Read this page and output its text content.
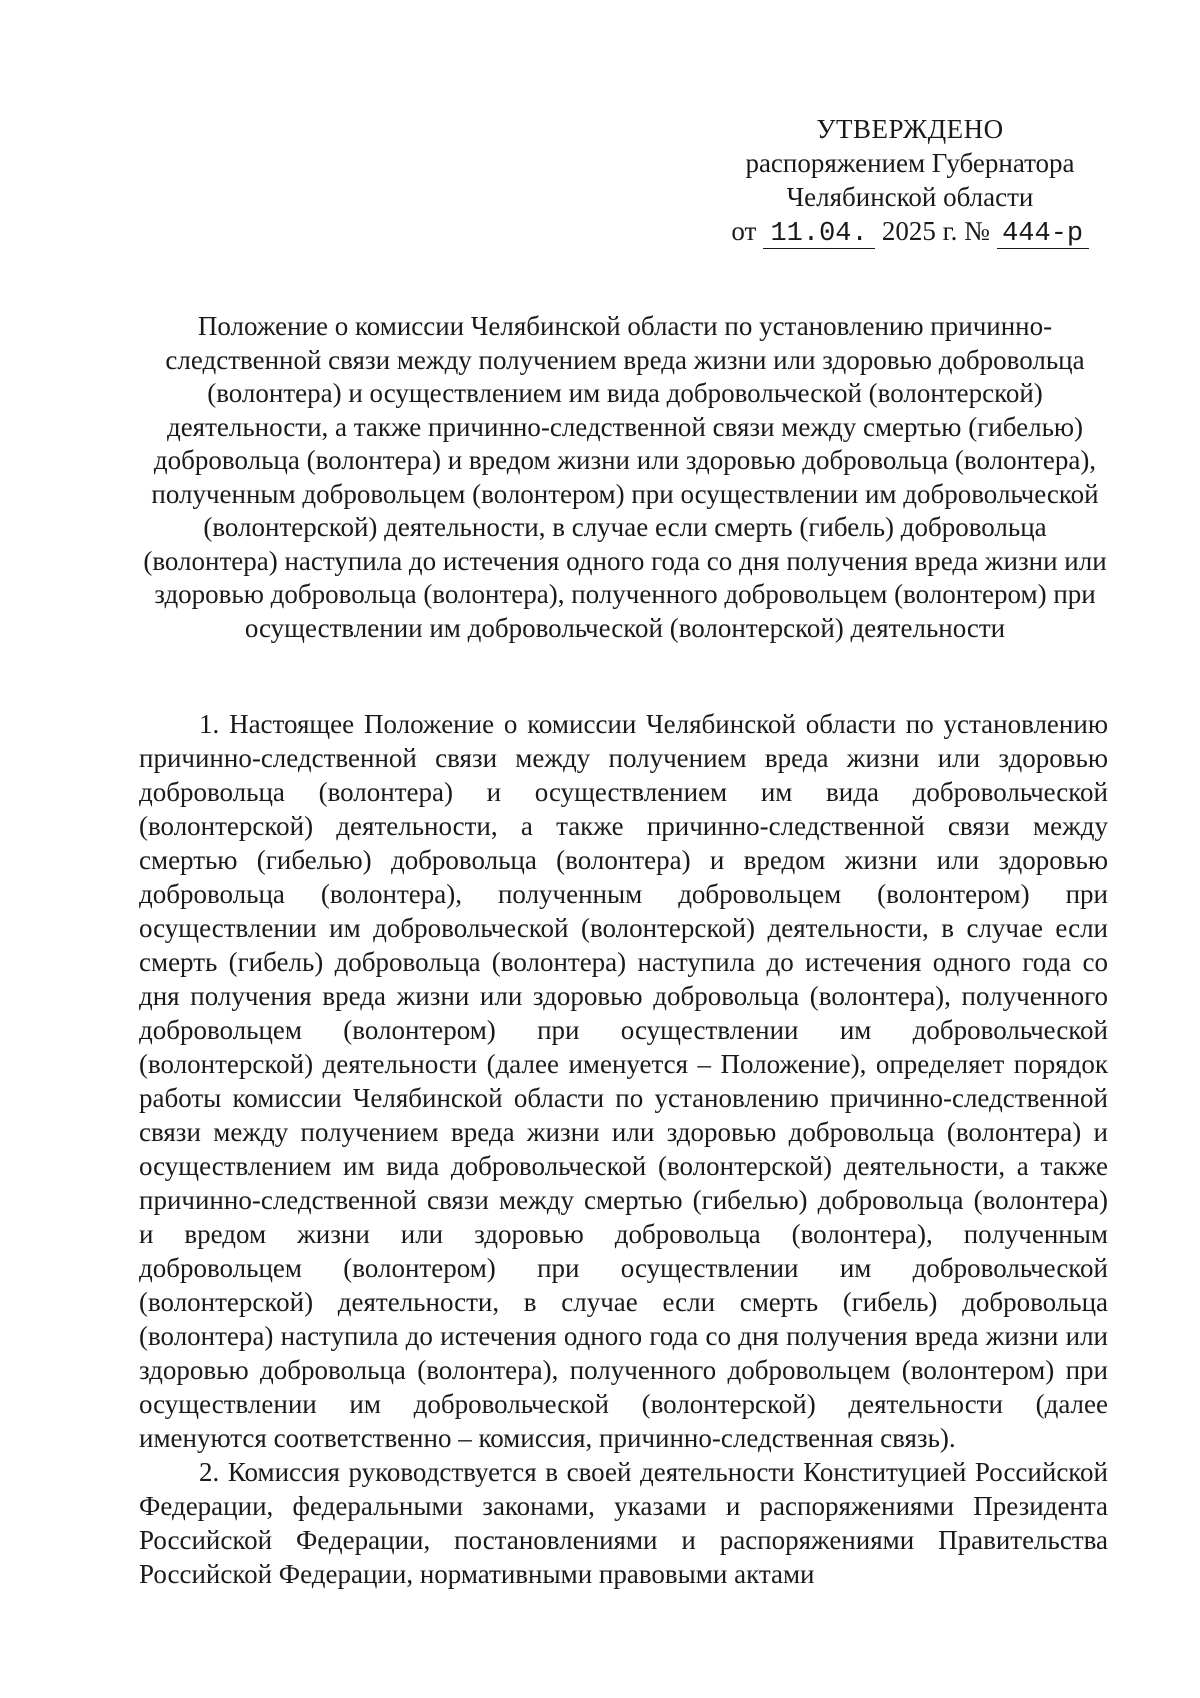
УТВЕРЖДЕНО
распоряжением Губернатора
Челябинской области
от 11.04. 2025 г. № 444-р
Положение о комиссии Челябинской области по установлению причинно-следственной связи между получением вреда жизни или здоровью добровольца (волонтера) и осуществлением им вида добровольческой (волонтерской) деятельности, а также причинно-следственной связи между смертью (гибелью) добровольца (волонтера) и вредом жизни или здоровью добровольца (волонтера), полученным добровольцем (волонтером) при осуществлении им добровольческой (волонтерской) деятельности, в случае если смерть (гибель) добровольца (волонтера) наступила до истечения одного года со дня получения вреда жизни или здоровью добровольца (волонтера), полученного добровольцем (волонтером) при осуществлении им добровольческой (волонтерской) деятельности

1. Настоящее Положение о комиссии Челябинской области по установлению причинно-следственной связи между получением вреда жизни или здоровью добровольца (волонтера) и осуществлением им вида добровольческой (волонтерской) деятельности, а также причинно-следственной связи между смертью (гибелью) добровольца (волонтера) и вредом жизни или здоровью добровольца (волонтера), полученным добровольцем (волонтером) при осуществлении им добровольческой (волонтерской) деятельности, в случае если смерть (гибель) добровольца (волонтера) наступила до истечения одного года со дня получения вреда жизни или здоровью добровольца (волонтера), полученного добровольцем (волонтером) при осуществлении им добровольческой (волонтерской) деятельности (далее именуется – Положение), определяет порядок работы комиссии Челябинской области по установлению причинно-следственной связи между получением вреда жизни или здоровью добровольца (волонтера) и осуществлением им вида добровольческой (волонтерской) деятельности, а также причинно-следственной связи между смертью (гибелью) добровольца (волонтера) и вредом жизни или здоровью добровольца (волонтера), полученным добровольцем (волонтером) при осуществлении им добровольческой (волонтерской) деятельности, в случае если смерть (гибель) добровольца (волонтера) наступила до истечения одного года со дня получения вреда жизни или здоровью добровольца (волонтера), полученного добровольцем (волонтером) при осуществлении им добровольческой (волонтерской) деятельности (далее именуются соответственно – комиссия, причинно-следственная связь).

2. Комиссия руководствуется в своей деятельности Конституцией Российской Федерации, федеральными законами, указами и распоряжениями Президента Российской Федерации, постановлениями и распоряжениями Правительства Российской Федерации, нормативными правовыми актами
